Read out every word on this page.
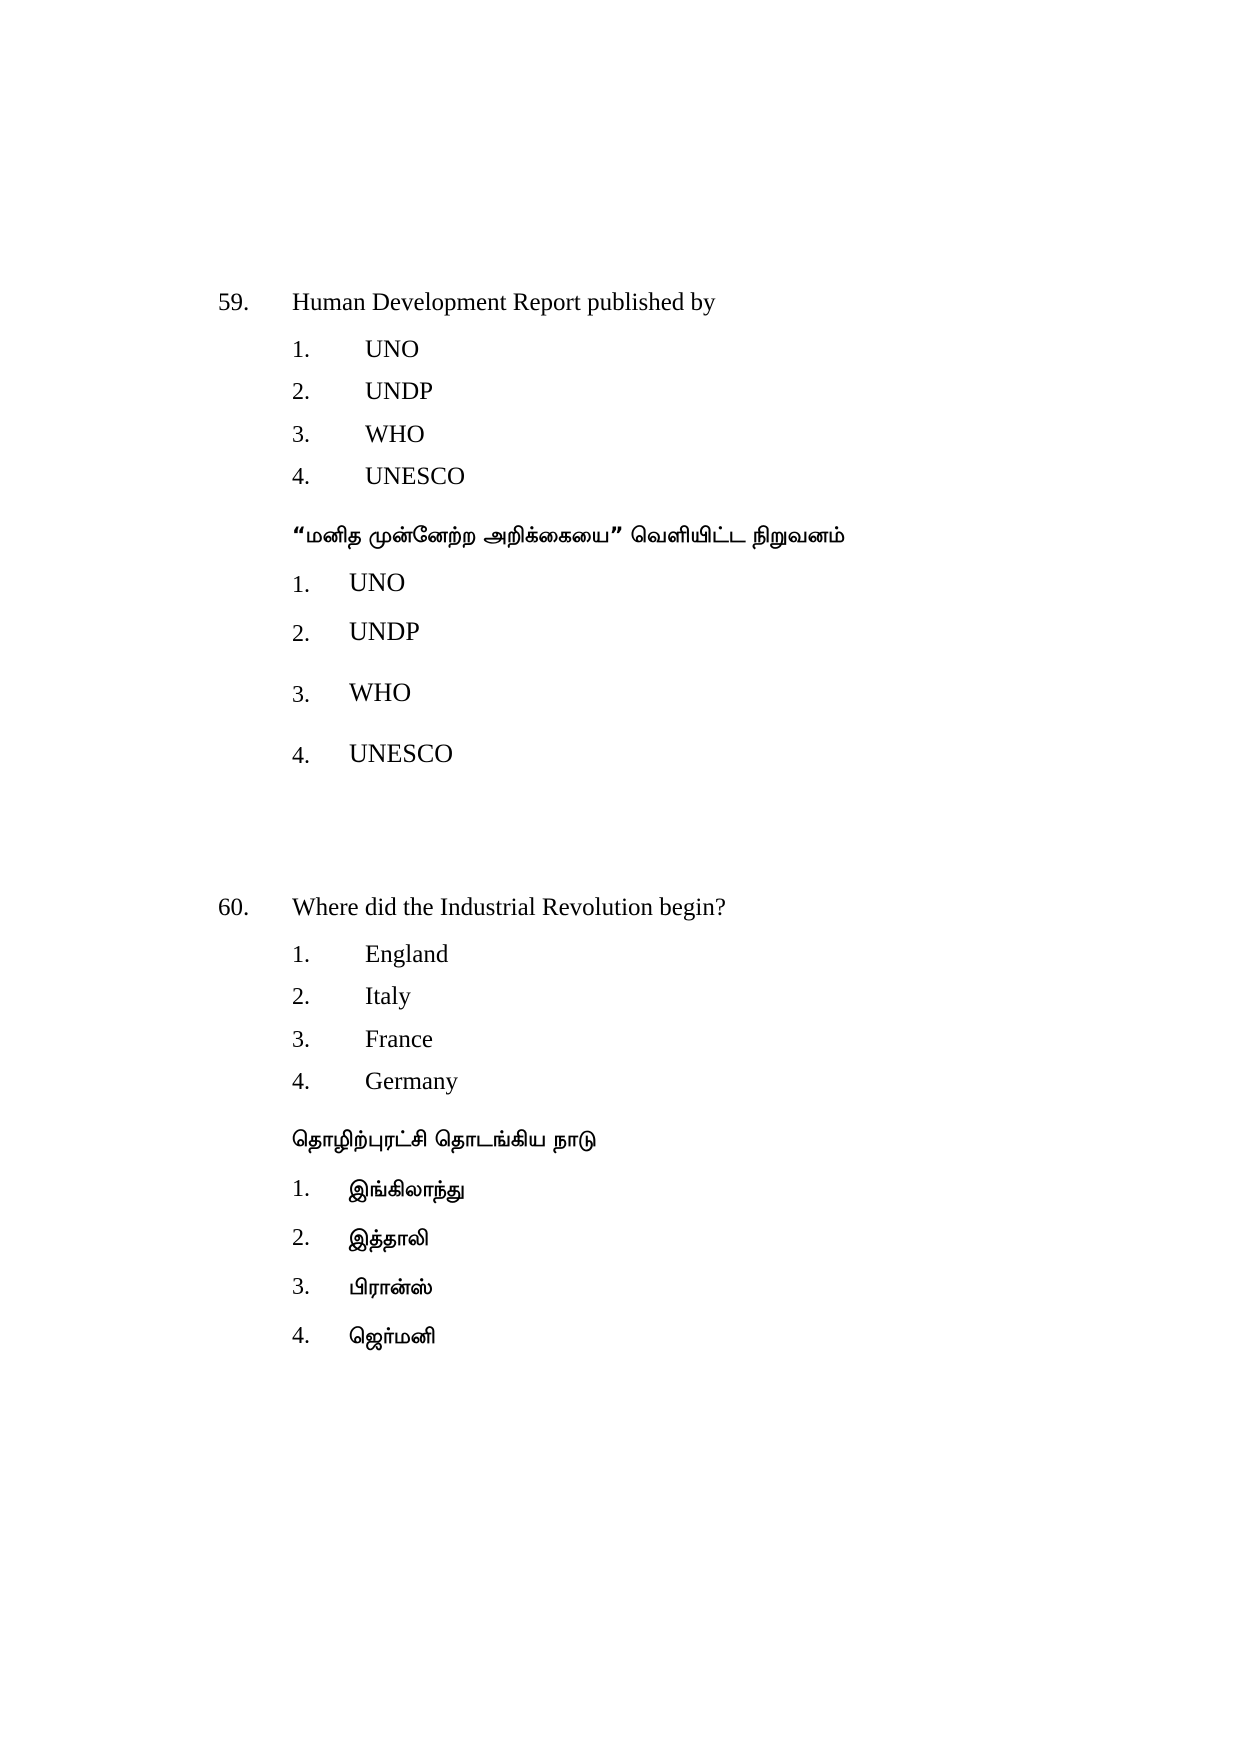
59. Human Development Report published by
1. UNO
2. UNDP
3. WHO
4. UNESCO
“மனித முன்னேற்ற அறிக்கையை” வெளியிட்ட நிறுவனம்
1. UNO
2. UNDP
3. WHO
4. UNESCO
60. Where did the Industrial Revolution begin?
1. England
2. Italy
3. France
4. Germany
தொழிற்புரட்சி தொடங்கிய நாடு
1. இங்கிலாந்து
2. இத்தாலி
3. பிரான்ஸ்
4. ஜெர்மனி
